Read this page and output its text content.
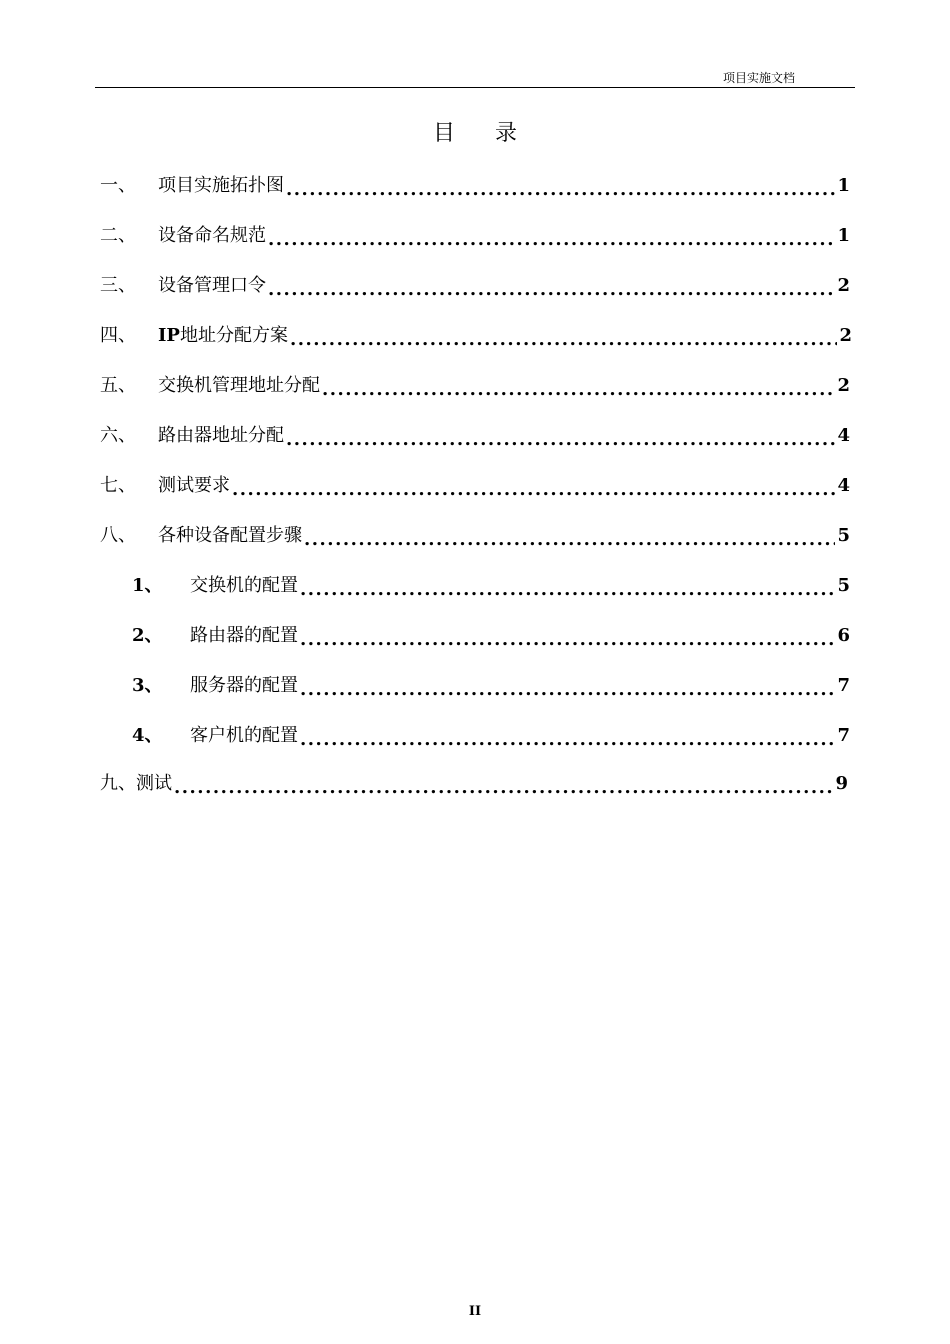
项目实施文档
目录
一、	项目实施拓扑图 .....	1
二、	设备命名规范 .....	1
三、	设备管理口令 .....	2
四、	IP地址分配方案 .....	2
五、	交换机管理地址分配 .....	2
六、	路由器地址分配 .....	4
七、	测试要求 .....	4
八、	各种设备配置步骤 .....	5
1、	交换机的配置 .....	5
2、	路由器的配置 .....	6
3、	服务器的配置 .....	7
4、	客户机的配置 .....	7
九、 测试 .....	9
II
